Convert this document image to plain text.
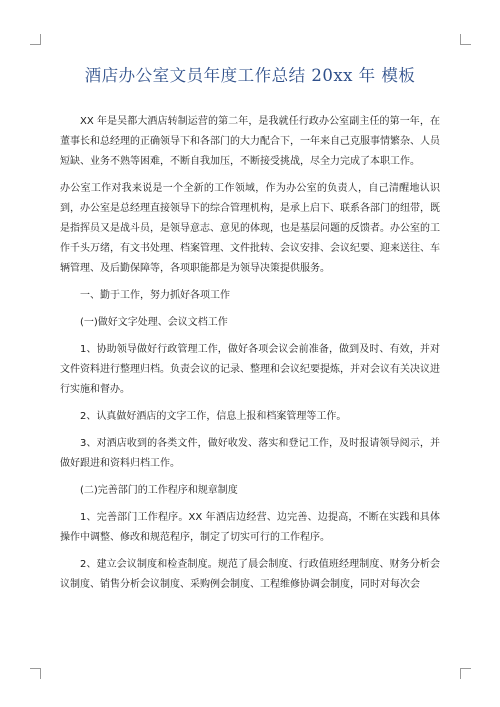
酒店办公室文员年度工作总结 20xx 年 模板

XX 年是吴都大酒店转制运营的第二年，是我就任行政办公室副主任的第一年，在董事长和总经理的正确领导下和各部门的大力配合下，一年来自己克服事情繁杂、人员短缺、业务不熟等困难，不断自我加压，不断接受挑战，尽全力完成了本职工作。

办公室工作对我来说是一个全新的工作领域，作为办公室的负责人，自己清醒地认识到，办公室是总经理直接领导下的综合管理机构，是承上启下、联系各部门的纽带，既是指挥员又是战斗员，是领导意志、意见的体现，也是基层问题的反馈者。办公室的工作千头万绪，有文书处理、档案管理、文件批转、会议安排、会议纪要、迎来送往、车辆管理、及后勤保障等，各项职能都是为领导决策提供服务。

一、勤于工作，努力抓好各项工作

(一)做好文字处理、会议文档工作

1、协助领导做好行政管理工作，做好各项会议会前准备，做到及时、有效，并对文件资料进行整理归档。负责会议的记录、整理和会议纪要提炼，并对会议有关决议进行实施和督办。

2、认真做好酒店的文字工作，信息上报和档案管理等工作。

3、对酒店收到的各类文件，做好收发、落实和登记工作，及时报请领导阅示，并做好跟进和资料归档工作。

(二)完善部门的工作程序和规章制度

1、完善部门工作程序。XX 年酒店边经营、边完善、边提高，不断在实践和具体操作中调整、修改和规范程序，制定了切实可行的工作程序。

2、建立会议制度和检查制度。规范了晨会制度、行政值班经理制度、财务分析会议制度、销售分析会议制度、采购例会制度、工程维修协调会制度，同时对每次会
